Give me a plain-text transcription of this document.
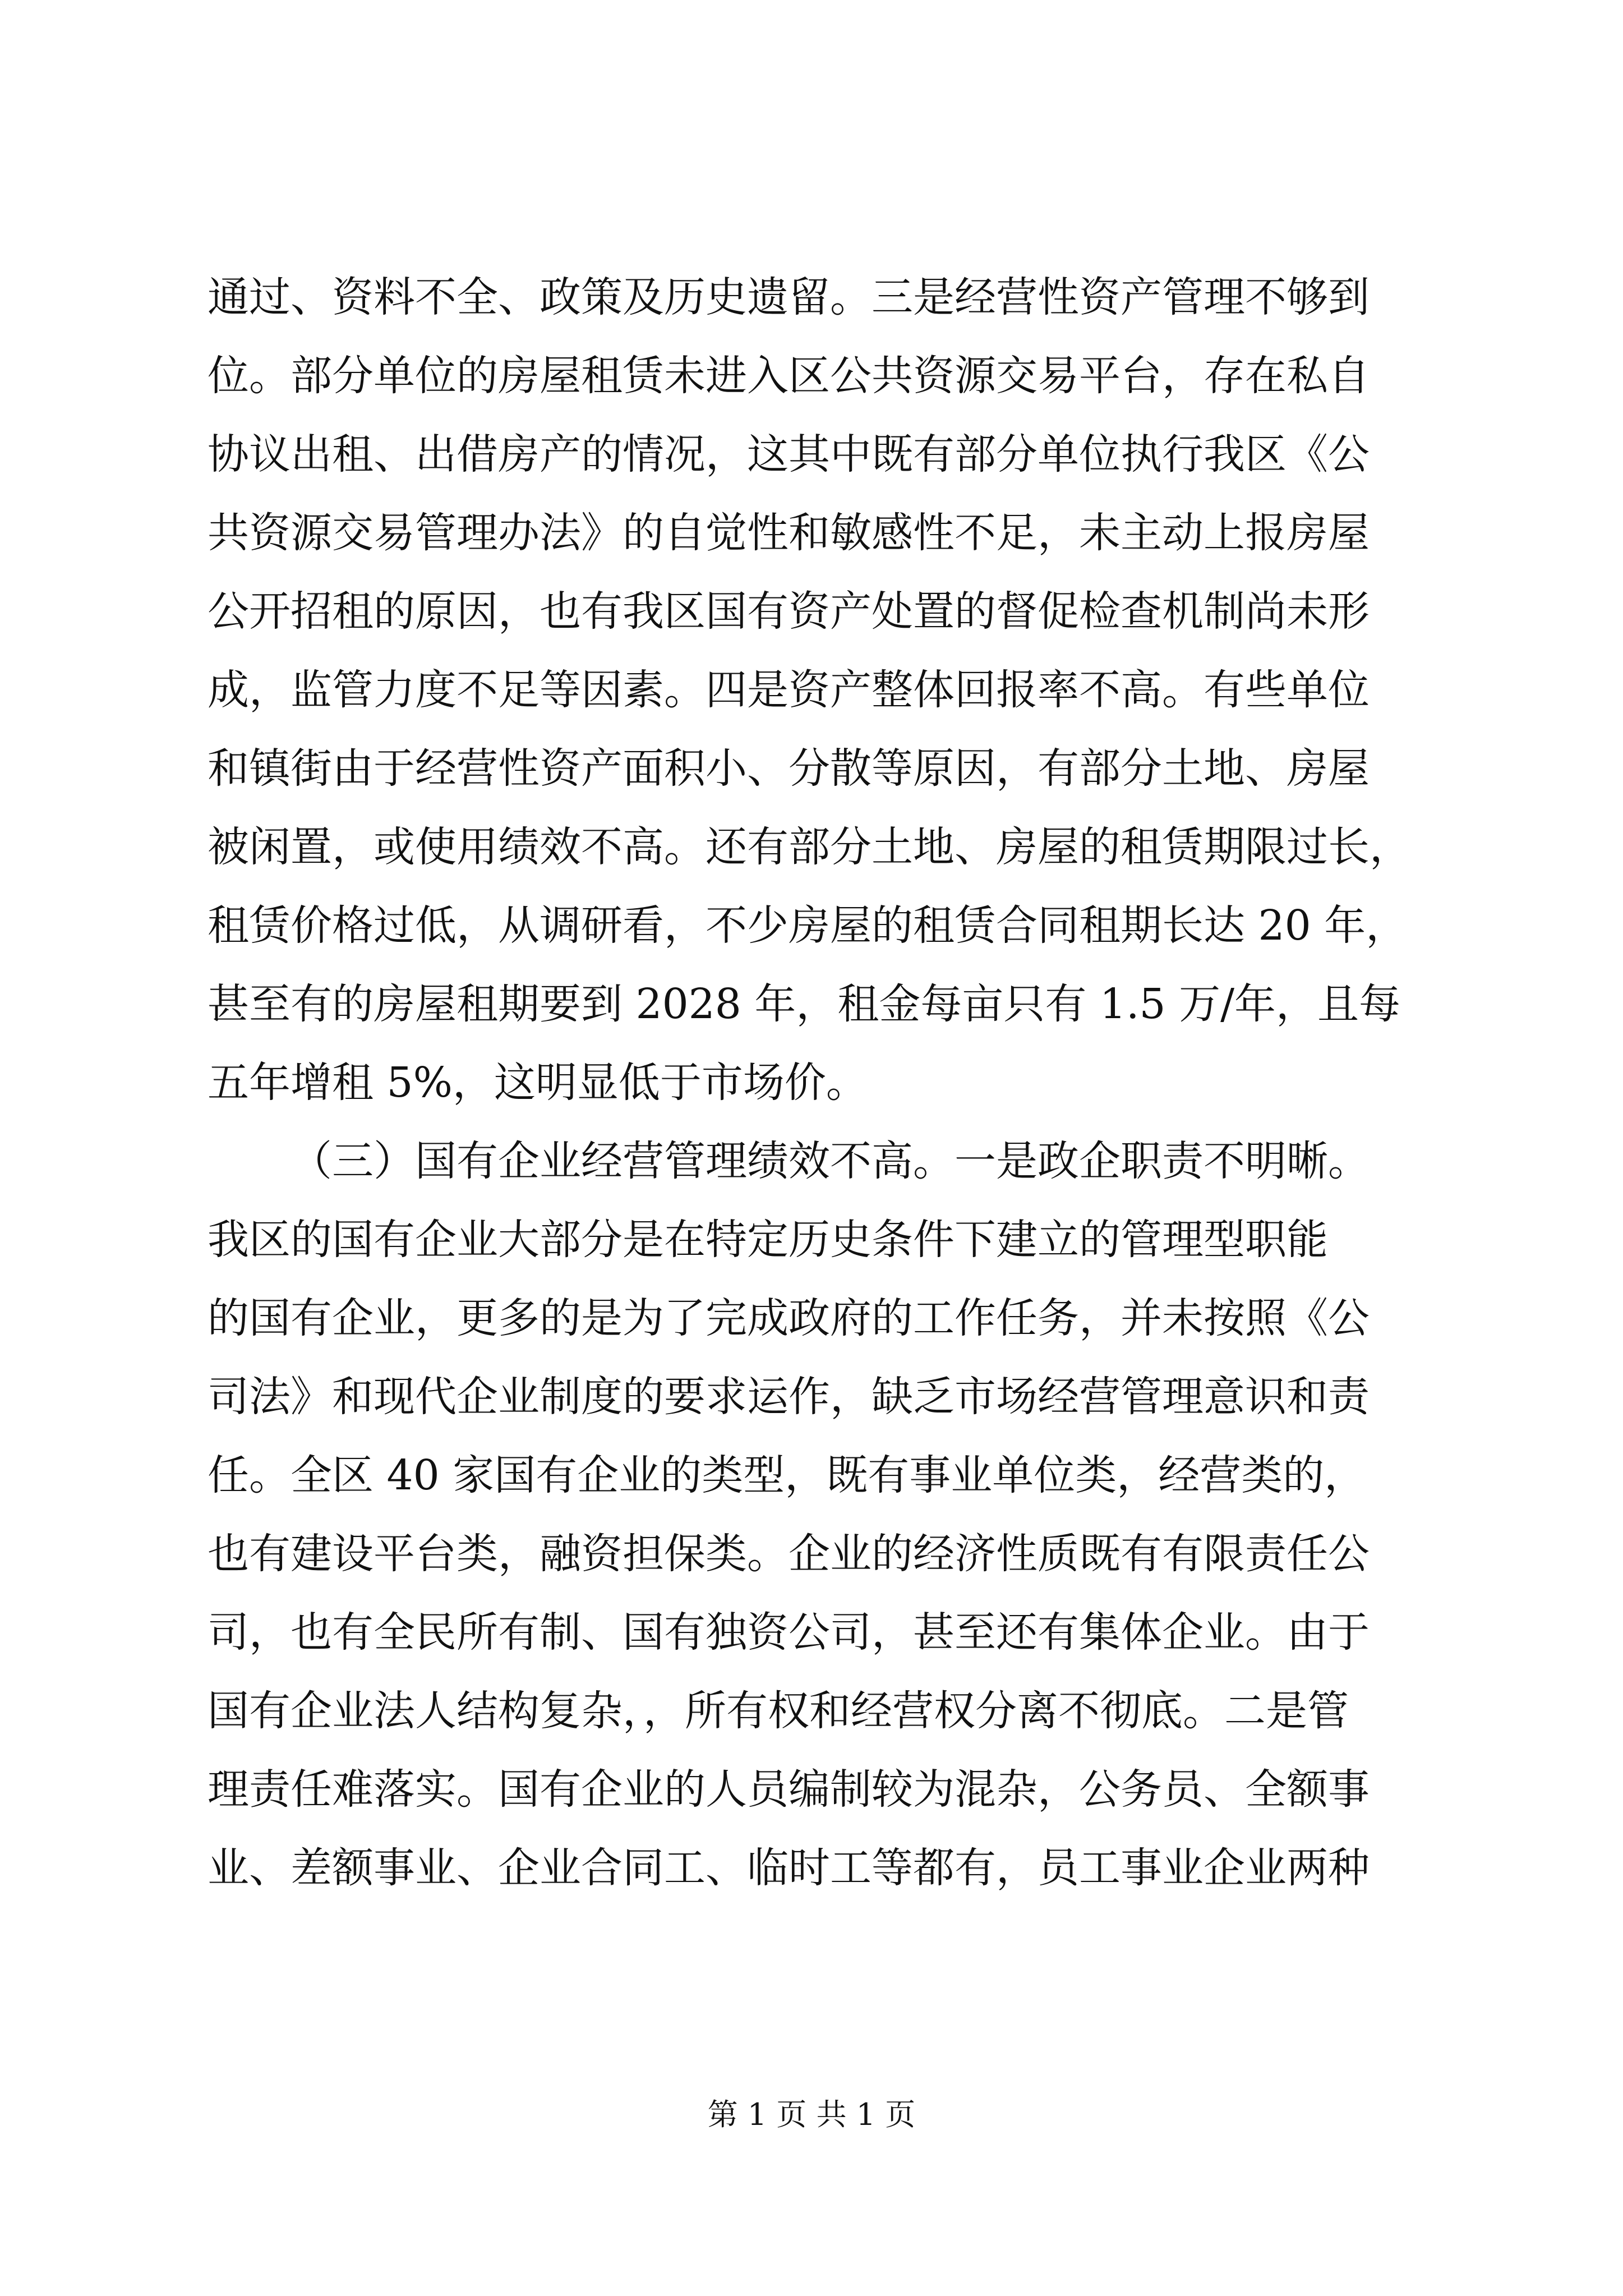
通过、资料不全、政策及历史遗留。三是经营性资产管理不够到
位。部分单位的房屋租赁未进入区公共资源交易平台，存在私自
协议出租、出借房产的情况，这其中既有部分单位执行我区《公
共资源交易管理办法》的自觉性和敏感性不足，未主动上报房屋
公开招租的原因，也有我区国有资产处置的督促检查机制尚未形
成，监管力度不足等因素。四是资产整体回报率不高。有些单位
和镇街由于经营性资产面积小、分散等原因，有部分土地、房屋
被闲置，或使用绩效不高。还有部分土地、房屋的租赁期限过长，
租赁价格过低，从调研看，不少房屋的租赁合同租期长达 20 年，
甚至有的房屋租期要到 2028 年，租金每亩只有 1.5 万/年，且每
五年增租 5%，这明显低于市场价。
（三）国有企业经营管理绩效不高。一是政企职责不明晰。
我区的国有企业大部分是在特定历史条件下建立的管理型职能
的国有企业，更多的是为了完成政府的工作任务，并未按照《公
司法》和现代企业制度的要求运作，缺乏市场经营管理意识和责
任。全区 40 家国有企业的类型，既有事业单位类，经营类的，
也有建设平台类，融资担保类。企业的经济性质既有有限责任公
司，也有全民所有制、国有独资公司，甚至还有集体企业。由于
国有企业法人结构复杂，，所有权和经营权分离不彻底。二是管
理责任难落实。国有企业的人员编制较为混杂，公务员、全额事
业、差额事业、企业合同工、临时工等都有，员工事业企业两种
第 1 页 共 1 页
